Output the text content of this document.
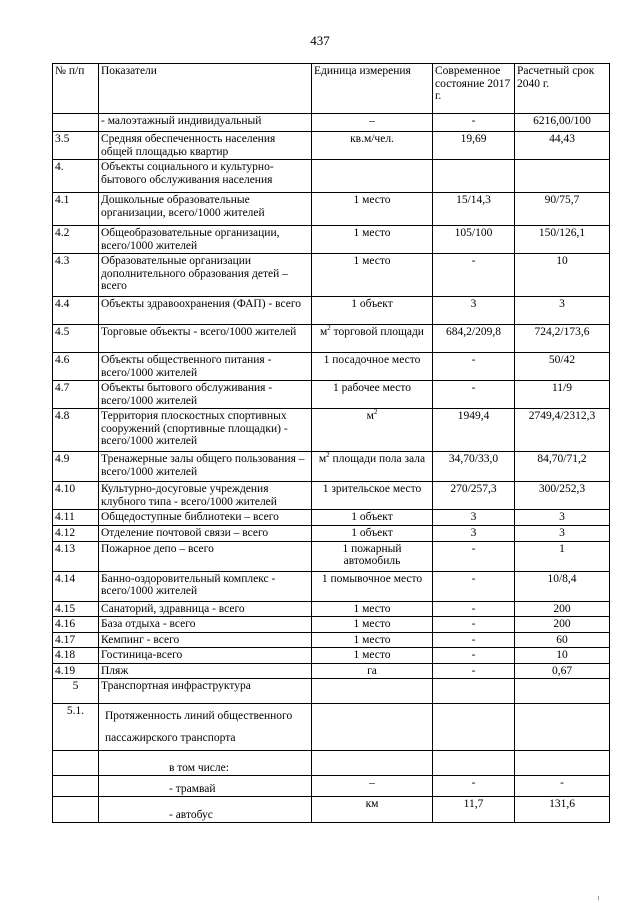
437
№ п/п	Показатели	Единица измерения	Современное состояние 2017 г.	Расчетный срок 2040 г.
	- малоэтажный индивидуальный	–	-	6216,00/100
3.5	Средняя обеспеченность населения общей площадью квартир	кв.м/чел.	19,69	44,43
4.	Объекты социального и культурно-бытового обслуживания населения			
4.1	Дошкольные образовательные организации, всего/1000 жителей	1 место	15/14,3	90/75,7
4.2	Общеобразовательные организации, всего/1000 жителей	1 место	105/100	150/126,1
4.3	Образовательные организации дополнительного образования детей – всего	1 место	-	10
4.4	Объекты здравоохранения (ФАП) - всего	1 объект	3	3
4.5	Торговые объекты - всего/1000 жителей	$м^2$ торговой площади	684,2/209,8	724,2/173,6
4.6	Объекты общественного питания - всего/1000 жителей	1 посадочное место	-	50/42
4.7	Объекты бытового обслуживания - всего/1000 жителей	1 рабочее место	-	11/9
4.8	Территория плоскостных спортивных сооружений (спортивные площадки) - всего/1000 жителей	$м^2$	1949,4	2749,4/2312,3
4.9	Тренажерные залы общего пользования – всего/1000 жителей	$м^2$ площади пола зала	34,70/33,0	84,70/71,2
4.10	Культурно-досуговые учреждения клубного типа - всего/1000 жителей	1 зрительское место	270/257,3	300/252,3
4.11	Общедоступные библиотеки – всего	1 объект	3	3
4.12	Отделение почтовой связи – всего	1 объект	3	3
4.13	Пожарное депо – всего	1 пожарный автомобиль	-	1
4.14	Банно-оздоровительный комплекс - всего/1000 жителей	1 помывочное место	-	10/8,4
4.15	Санаторий, здравница - всего	1 место	-	200
4.16	База отдыха - всего	1 место	-	200
4.17	Кемпинг - всего	1 место	-	60
4.18	Гостиница-всего	1 место	-	10
4.19	Пляж	га	-	0,67
5	Транспортная инфраструктура			
5.1.	Протяженность линий общественного пассажирского транспорта			
	в том числе:			
	- трамвай	–	-	-
	- автобус	км	11,7	131,6
